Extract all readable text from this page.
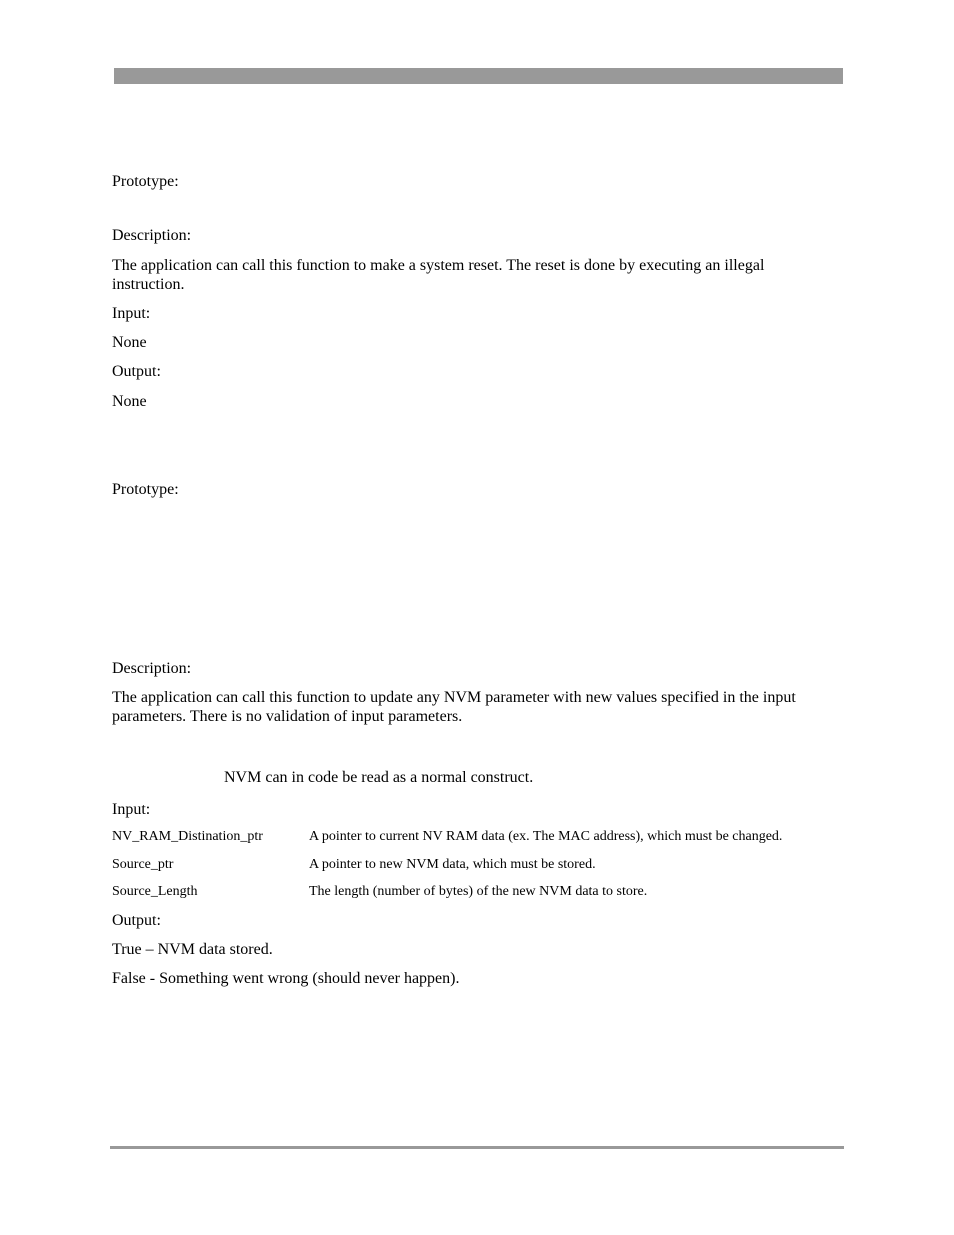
Prototype:
Description:
The application can call this function to make a system reset. The reset is done by executing an illegal instruction.
Input:
None
Output:
None
Prototype:
Description:
The application can call this function to update any NVM parameter with new values specified in the input parameters. There is no validation of input parameters.
NVM can in code be read as a normal construct.
Input:
NV_RAM_Distination_ptr	A pointer to current NV RAM data (ex. The MAC address), which must be changed.
Source_ptr	A pointer to new NVM data, which must be stored.
Source_Length	The length (number of bytes) of the new NVM data to store.
Output:
True – NVM data stored.
False - Something went wrong (should never happen).
